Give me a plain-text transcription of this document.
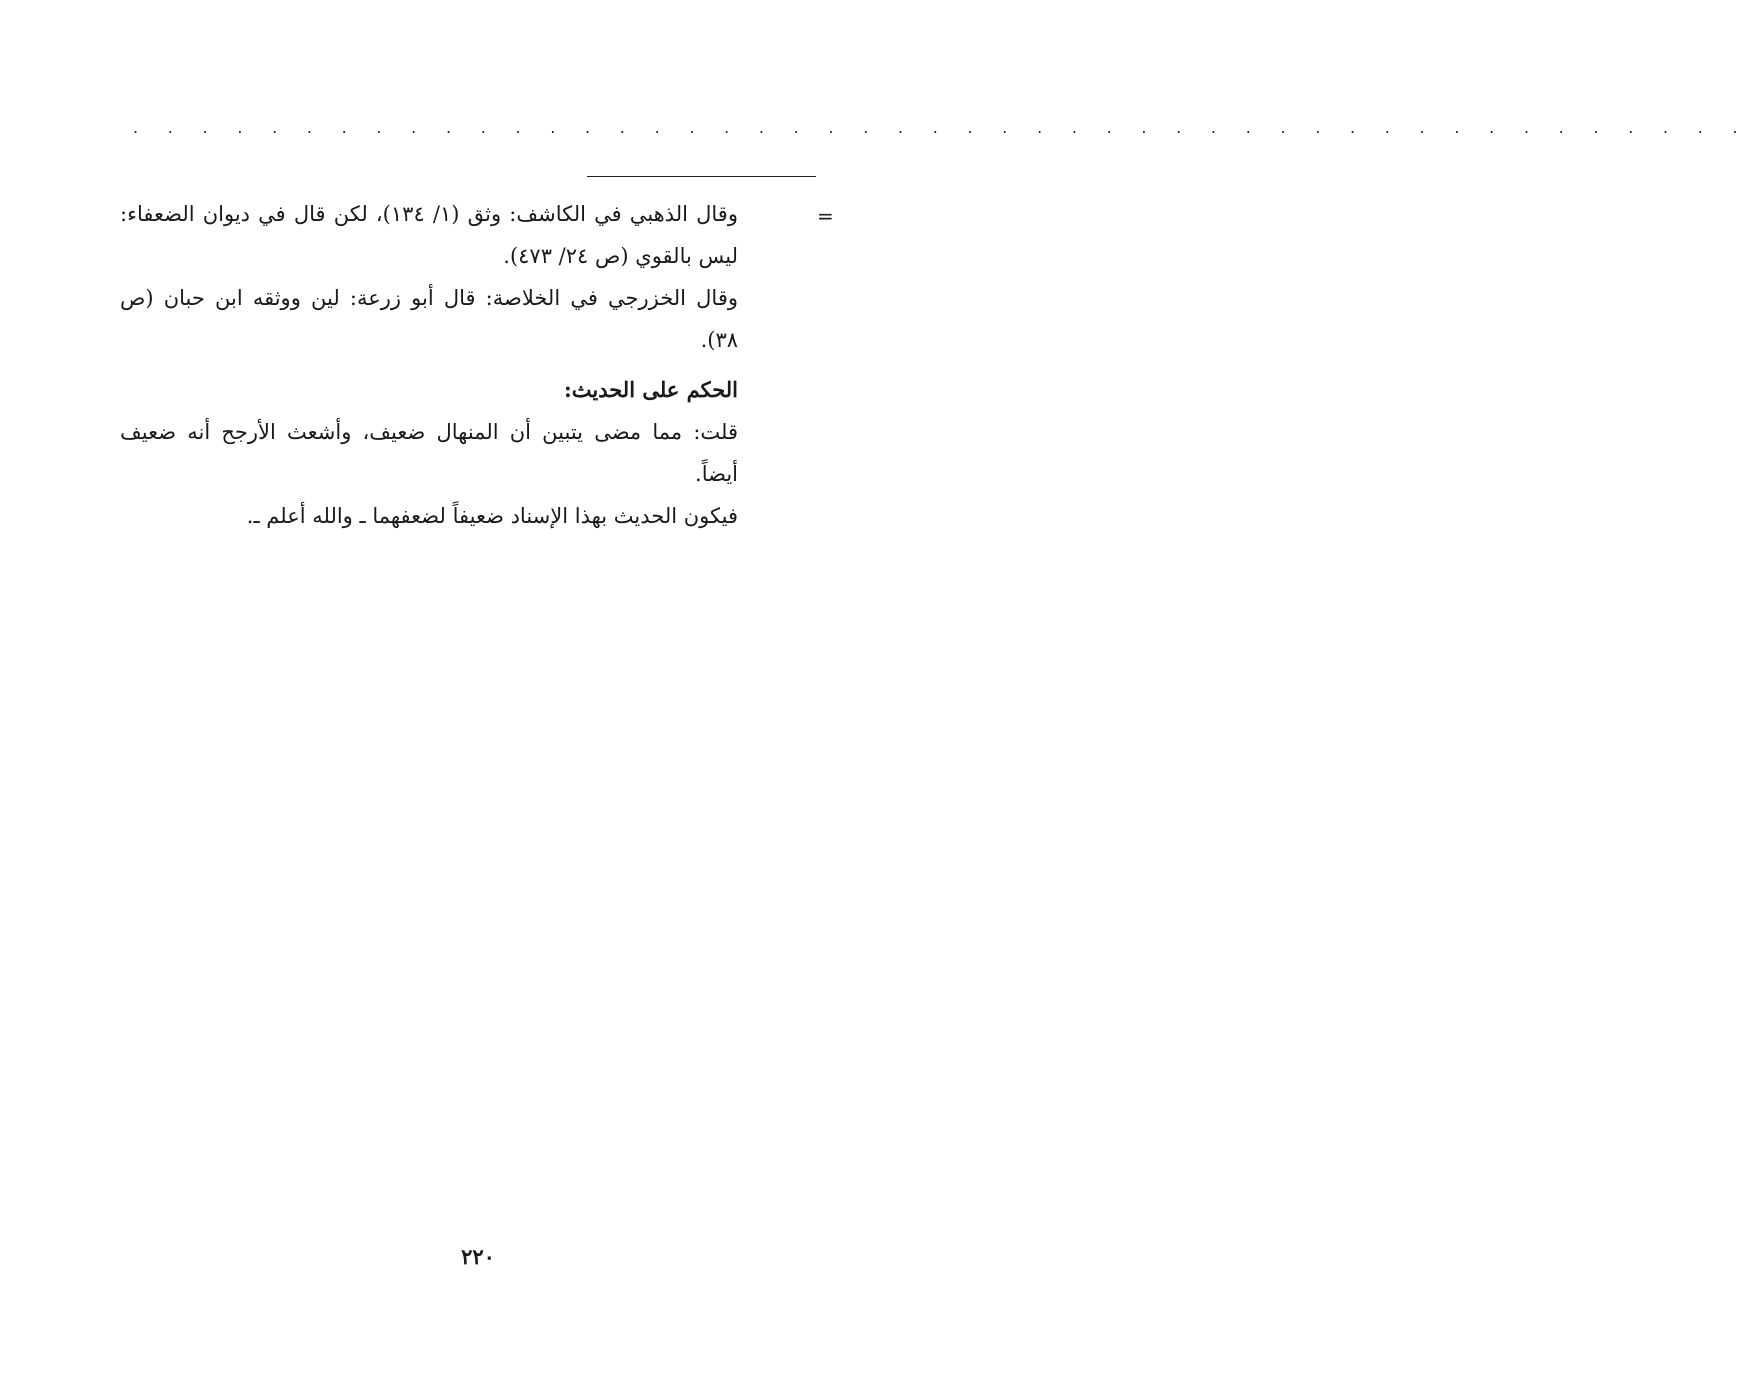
. . . . . . . . . . . . . . . . . . . . . . . . . . . . . . . . . . . . . . . . . . . . . . .
=

وقال الذهبي في الكاشف: وثق (١/ ١٣٤)، لكن قال في ديوان الضعفاء: ليس بالقوي (ص ٢٤/ ٤٧٣).

وقال الخزرجي في الخلاصة: قال أبو زرعة: لين ووثقه ابن حبان (ص ٣٨).

الحكم على الحديث:

قلت: مما مضى يتبين أن المنهال ضعيف، وأشعث الأرجح أنه ضعيف أيضاً.

فيكون الحديث بهذا الإسناد ضعيفاً لضعفهما ـ والله أعلم ـ.

٢٢٠
